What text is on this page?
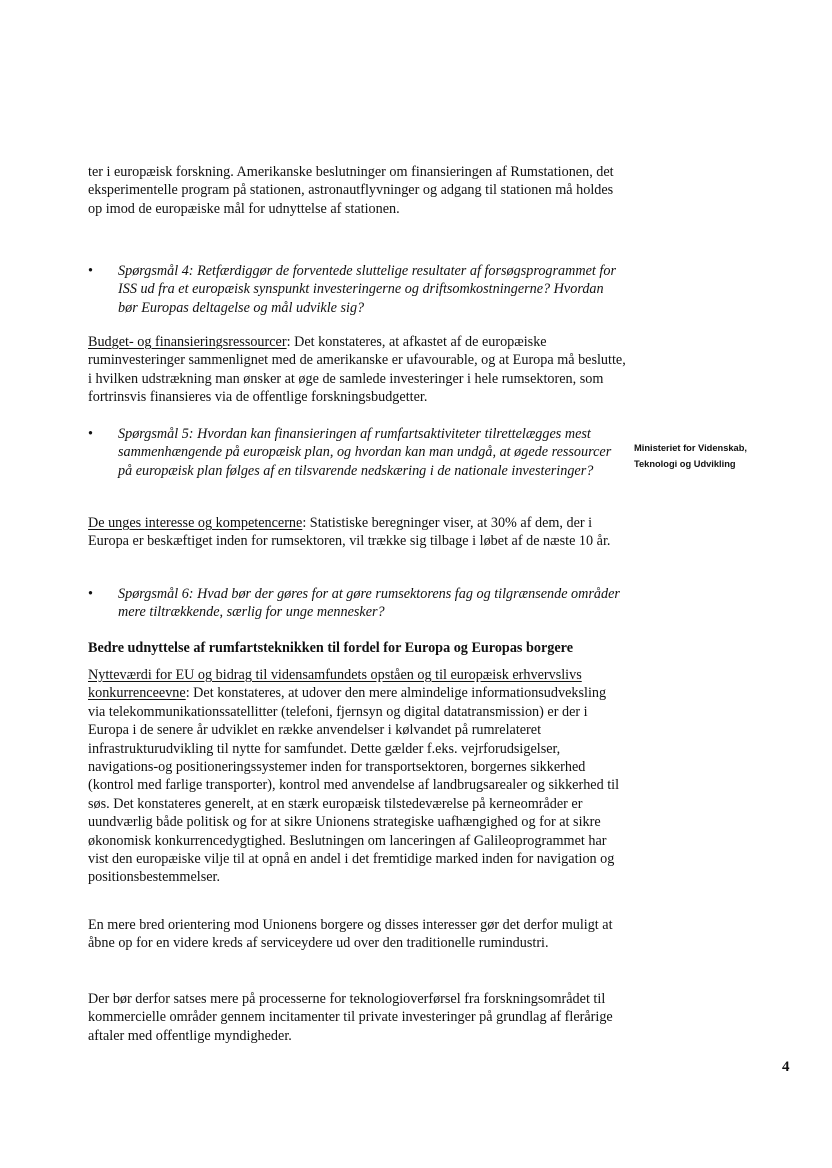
ter i europæisk forskning. Amerikanske beslutninger om finansieringen af Rumstationen, det eksperimentelle program på stationen, astronautflyvninger og adgang til stationen må holdes op imod de europæiske mål for udnyttelse af stationen.

• Spørgsmål 4: Retfærdiggør de forventede sluttelige resultater af forsøgsprogrammet for ISS ud fra et europæisk synspunkt investeringerne og driftsomkostningerne? Hvordan bør Europas deltagelse og mål udvikle sig?

Budget- og finansieringsressourcer: Det konstateres, at afkastet af de europæiske ruminvesteringer sammenlignet med de amerikanske er ufavourable, og at Europa må beslutte, i hvilken udstrækning man ønsker at øge de samlede investeringer i hele rumsektoren, som fortrinsvis finansieres via de offentlige forskningsbudgetter.

• Spørgsmål 5: Hvordan kan finansieringen af rumfartsaktiviteter tilrettelægges mest sammenhængende på europæisk plan, og hvordan kan man undgå, at øgede ressourcer på europæisk plan følges af en tilsvarende nedskæring i de nationale investeringer?
Ministeriet for Videnskab,
Teknologi og Udvikling

De unges interesse og kompetencerne: Statistiske beregninger viser, at 30% af dem, der i Europa er beskæftiget inden for rumsektoren, vil trække sig tilbage i løbet af de næste 10 år.

• Spørgsmål 6: Hvad bør der gøres for at gøre rumsektorens fag og tilgrænsende områder mere tiltrækkende, særlig for unge mennesker?
Bedre udnyttelse af rumfartsteknikken til fordel for Europa og Europas borgere

Nytteværdi for EU og bidrag til vidensamfundets opståen og til europæisk erhvervslivs konkurrenceevne: Det konstateres, at udover den mere almindelige informationsudveksling via telekommunikationssatellitter (telefoni, fjernsyn og digital datatransmission) er der i Europa i de senere år udviklet en række anvendelser i kølvandet på rumrelateret infrastrukturudvikling til nytte for samfundet. Dette gælder f.eks. vejrforudsigelser, navigations-og positioneringssystemer inden for transportsektoren, borgernes sikkerhed (kontrol med farlige transporter), kontrol med anvendelse af landbrugsarealer og sikkerhed til søs. Det konstateres generelt, at en stærk europæisk tilstedeværelse på kerneområder er uundværlig både politisk og for at sikre Unionens strategiske uafhængighed og for at sikre økonomisk konkurrencedygtighed. Beslutningen om lanceringen af Galileoprogrammet har vist den europæiske vilje til at opnå en andel i det fremtidige marked inden for navigation og positionsbestemmelser.

En mere bred orientering mod Unionens borgere og disses interesser gør det derfor muligt at åbne op for en videre kreds af serviceydere ud over den traditionelle rumindustri.

Der bør derfor satses mere på processerne for teknologioverførsel fra forskningsområdet til kommercielle områder gennem incitamenter til private investeringer på grundlag af flerårige aftaler med offentlige myndigheder.

4
